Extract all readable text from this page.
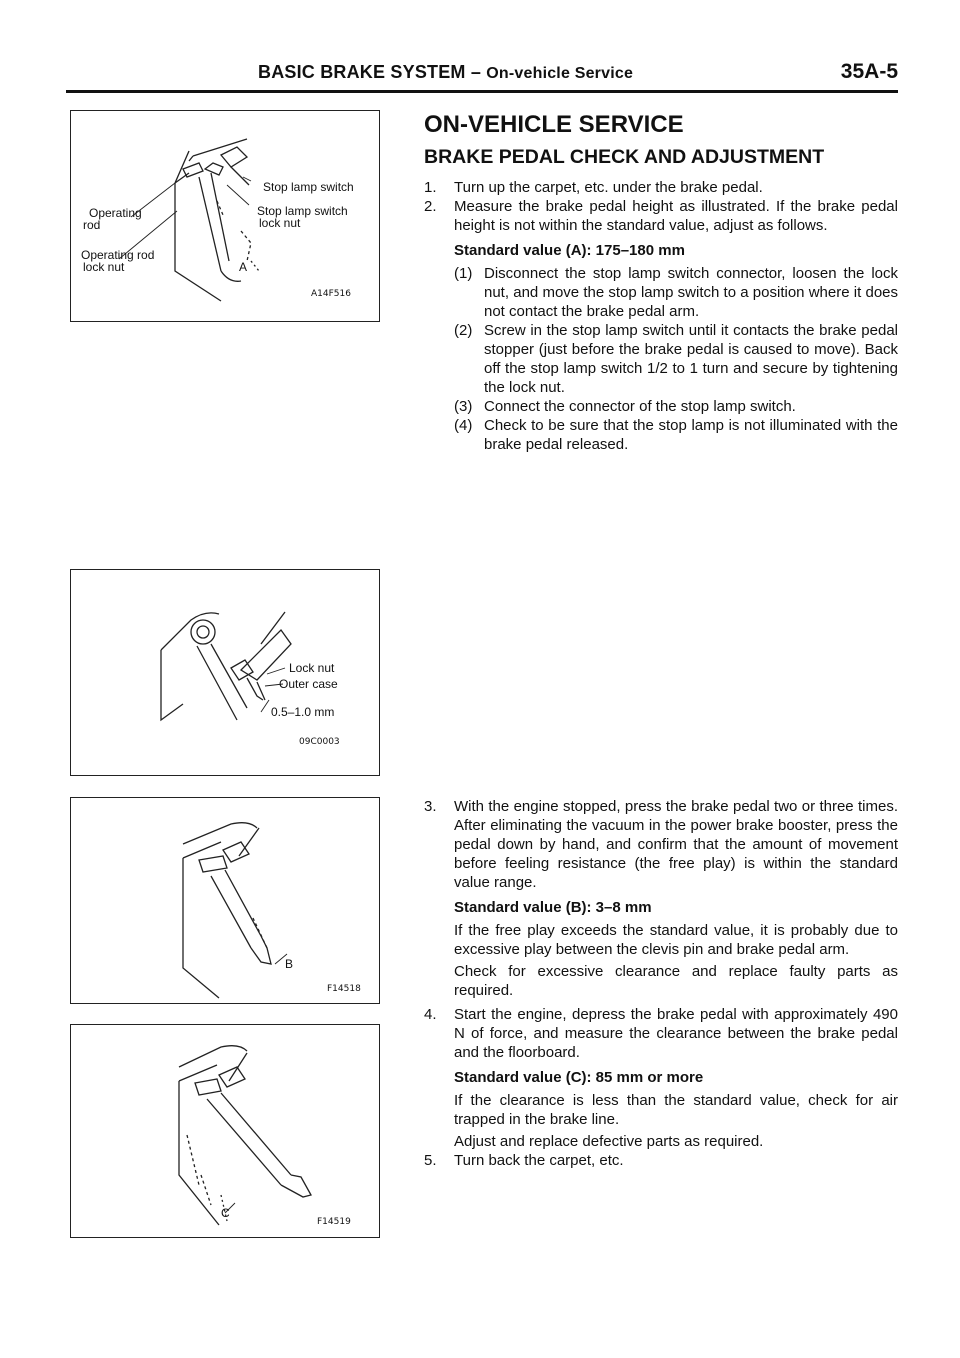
BASIC BRAKE SYSTEM – On-vehicle Service	35A-5
Stop lamp switch
Stop lamp switch
lock nut
Operating
rod
Operating rod
lock nut	A
A14F516
Lock nut
Outer case
0.5–1.0 mm
09C0003
B
F14518
C
F14519
ON-VEHICLE SERVICE
BRAKE PEDAL CHECK AND ADJUSTMENT
1. Turn up the carpet, etc. under the brake pedal.
2. Measure the brake pedal height as illustrated. If the brake pedal height is not within the standard value, adjust as follows.
Standard value (A): 175–180 mm
(1) Disconnect the stop lamp switch connector, loosen the lock nut, and move the stop lamp switch to a position where it does not contact the brake pedal arm.
(2) Screw in the stop lamp switch until it contacts the brake pedal stopper (just before the brake pedal is caused to move). Back off the stop lamp switch 1/2 to 1 turn and secure by tightening the lock nut.
(3) Connect the connector of the stop lamp switch.
(4) Check to be sure that the stop lamp is not illuminated with the brake pedal released.
3. With the engine stopped, press the brake pedal two or three times. After eliminating the vacuum in the power brake booster, press the pedal down by hand, and confirm that the amount of movement before feeling resistance (the free play) is within the standard value range.
Standard value (B): 3–8 mm
If the free play exceeds the standard value, it is probably due to excessive play between the clevis pin and brake pedal arm.
Check for excessive clearance and replace faulty parts as required.
4. Start the engine, depress the brake pedal with approximately 490 N of force, and measure the clearance between the brake pedal and the floorboard.
Standard value (C): 85 mm or more
If the clearance is less than the standard value, check for air trapped in the brake line.
Adjust and replace defective parts as required.
5. Turn back the carpet, etc.
